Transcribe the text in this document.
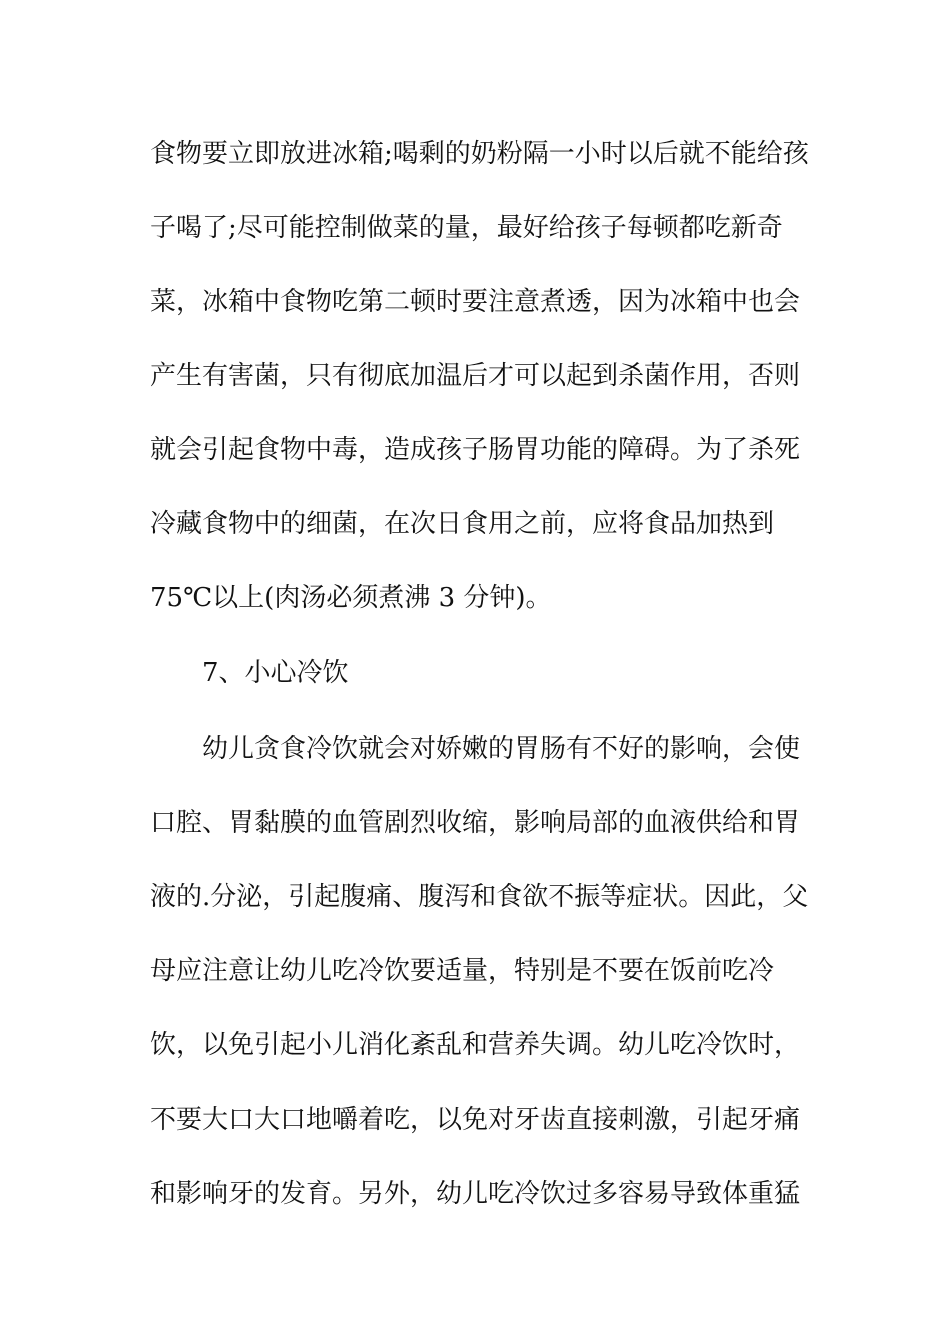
食物要立即放进冰箱;喝剩的奶粉隔一小时以后就不能给孩
子喝了;尽可能控制做菜的量，最好给孩子每顿都吃新奇
菜，冰箱中食物吃第二顿时要注意煮透，因为冰箱中也会
产生有害菌，只有彻底加温后才可以起到杀菌作用，否则
就会引起食物中毒，造成孩子肠胃功能的障碍。为了杀死
冷藏食物中的细菌，在次日食用之前，应将食品加热到
75℃以上(肉汤必须煮沸 3 分钟)。
7、小心冷饮
幼儿贪食冷饮就会对娇嫩的胃肠有不好的影响，会使
口腔、胃黏膜的血管剧烈收缩，影响局部的血液供给和胃
液的.分泌，引起腹痛、腹泻和食欲不振等症状。因此，父
母应注意让幼儿吃冷饮要适量，特别是不要在饭前吃冷
饮，以免引起小儿消化紊乱和营养失调。幼儿吃冷饮时，
不要大口大口地嚼着吃，以免对牙齿直接刺激，引起牙痛
和影响牙的发育。另外，幼儿吃冷饮过多容易导致体重猛
